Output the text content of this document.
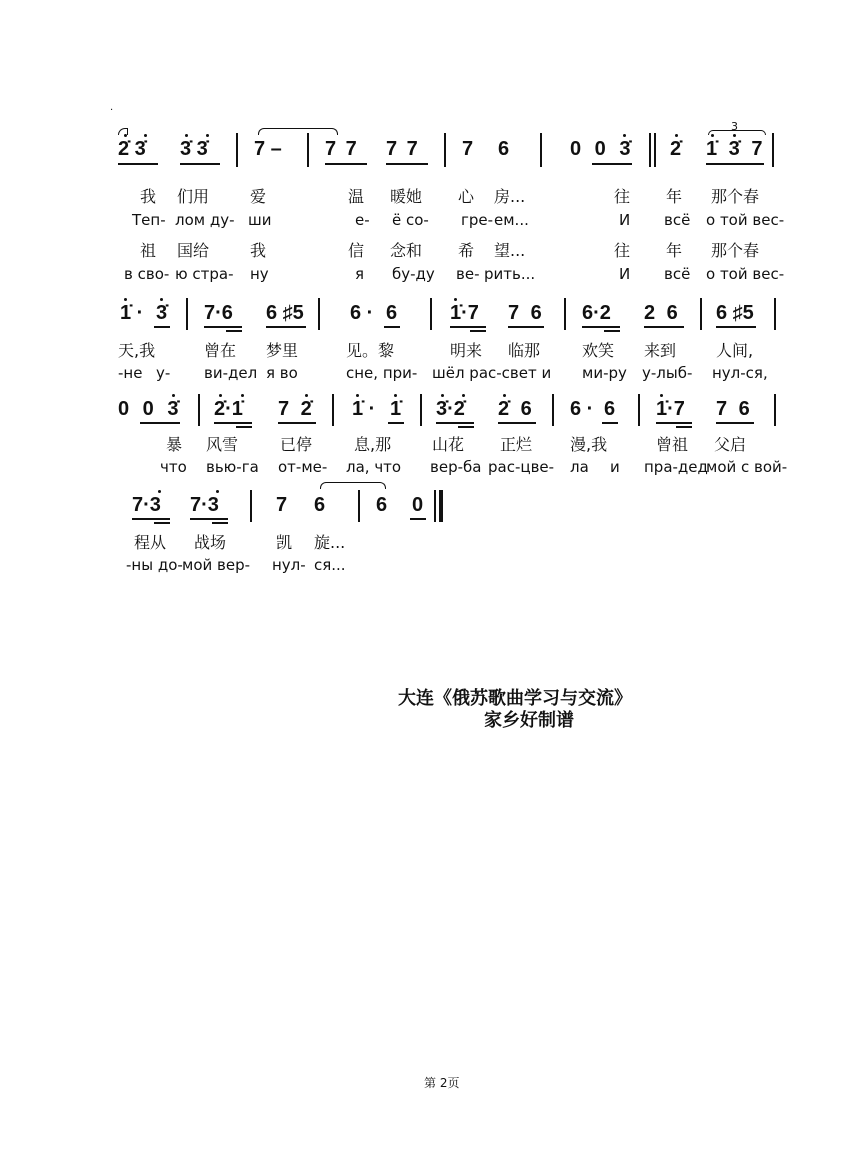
·
2̇ 3̇ 3̇ 3̇ 7 – 7 7 7 7 7 6	0 0 3̇ 2̇
3
1̇ 3̇ 7
我 们用	爱	温 暖她 心 房...	往 年 那个春
Теп- лом ду- ши	е- ё со- гре- ем...	И всё о той вес-
祖 国给	我	信 念和 希 望...	往 年 那个春
в сво- ю стра- ну	я бу-ду ве- рить...	И всё о той вес-
1̇ · 3̇ 7·6 6 ♯5 6 · 6	1̇·7 7 6 6·2 2 6 6 ♯5
天,我	曾在 梦里	见。黎	明来 临那	欢笑 来到 人间,
-не у- ви-дел я во	сне, при- шёл рас-свет и ми-ру у-лыб- нул-ся,
0 0 3̇ 2̇·1̇ 7 2̇ 1̇ · 1̇ 3̇·2̇ 2̇ 6 6 · 6 1̇·7 7 6
暴 风雪	已停	息,那	山花 正烂 漫,我	曾祖 父启
что вью-га от-ме- ла, что вер-ба рас-цве- ла и пра-дед
мой с вой-
7·3 7·3	7 6	6 0
程从 战场	凯 旋...
-ны до- мой вер- нул- ся...
大连《俄苏歌曲学习与交流》
家乡好制谱
第 2页
